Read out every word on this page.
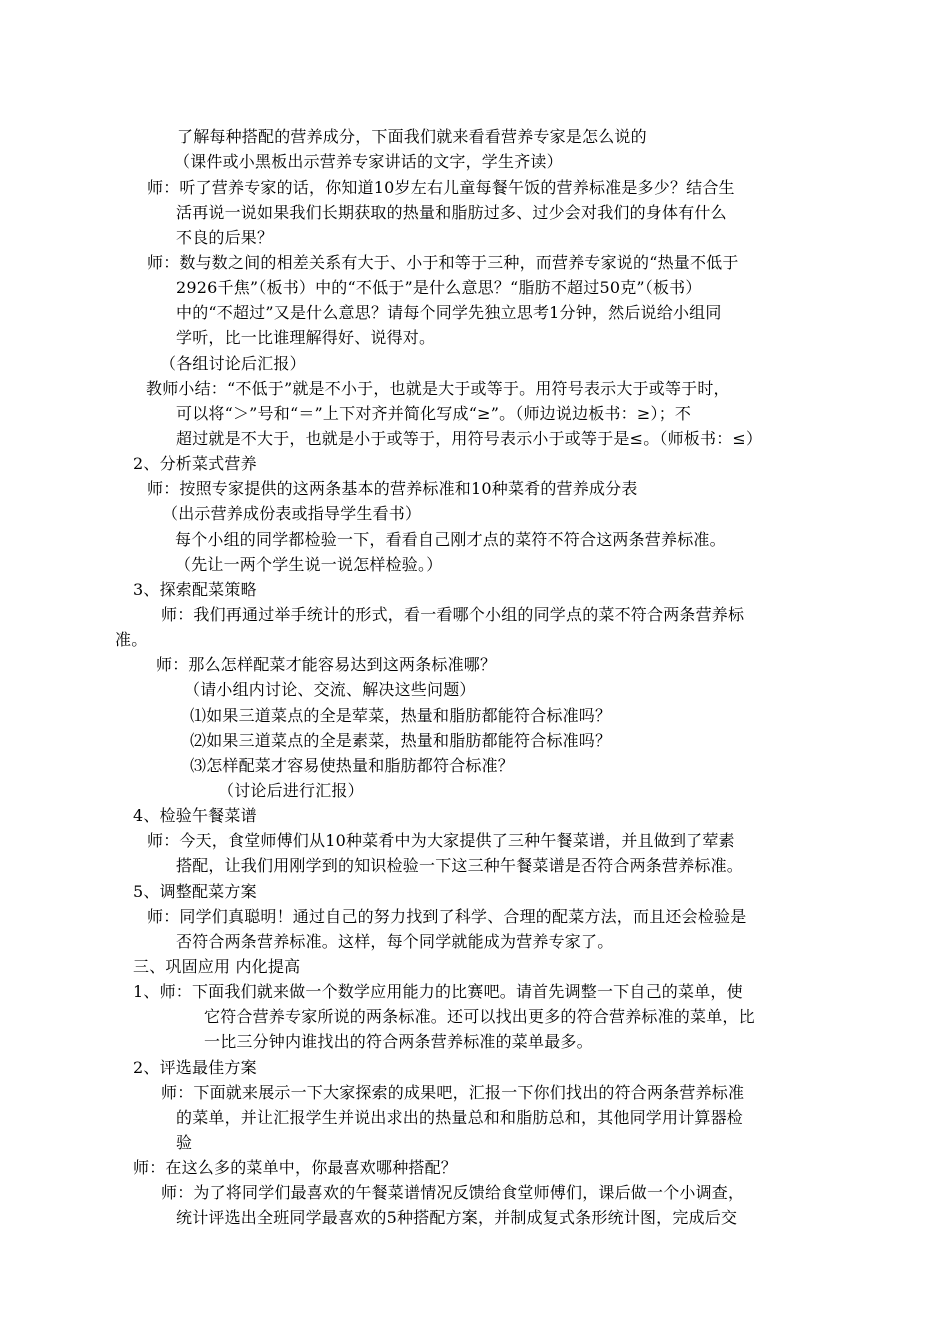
了解每种搭配的营养成分，下面我们就来看看营养专家是怎么说的
（课件或小黑板出示营养专家讲话的文字，学生齐读）
师：听了营养专家的话，你知道10岁左右儿童每餐午饭的营养标准是多少？结合生
活再说一说如果我们长期获取的热量和脂肪过多、过少会对我们的身体有什么
不良的后果？
师：数与数之间的相差关系有大于、小于和等于三种，而营养专家说的“热量不低于
2926千焦”（板书）中的“不低于”是什么意思？“脂肪不超过50克”（板书）
中的“不超过”又是什么意思？请每个同学先独立思考1分钟，然后说给小组同
学听，比一比谁理解得好、说得对。
（各组讨论后汇报）
教师小结：“不低于”就是不小于，也就是大于或等于。用符号表示大于或等于时，
可以将“＞”号和“＝”上下对齐并简化写成“≥”。（师边说边板书：≥）；不
超过就是不大于，也就是小于或等于，用符号表示小于或等于是≤。（师板书：≤）
2、分析菜式营养
师：按照专家提供的这两条基本的营养标准和10种菜肴的营养成分表
（出示营养成份表或指导学生看书）
每个小组的同学都检验一下，看看自己刚才点的菜符不符合这两条营养标准。
（先让一两个学生说一说怎样检验。）
3、探索配菜策略
师：我们再通过举手统计的形式，看一看哪个小组的同学点的菜不符合两条营养标
准。
师：那么怎样配菜才能容易达到这两条标准哪？
（请小组内讨论、交流、解决这些问题）
⑴如果三道菜点的全是荤菜，热量和脂肪都能符合标准吗？
⑵如果三道菜点的全是素菜，热量和脂肪都能符合标准吗？
⑶怎样配菜才容易使热量和脂肪都符合标准？
（讨论后进行汇报）
4、检验午餐菜谱
师：今天，食堂师傅们从10种菜肴中为大家提供了三种午餐菜谱，并且做到了荤素
搭配，让我们用刚学到的知识检验一下这三种午餐菜谱是否符合两条营养标准。
5、调整配菜方案
师：同学们真聪明！通过自己的努力找到了科学、合理的配菜方法，而且还会检验是
否符合两条营养标准。这样，每个同学就能成为营养专家了。
三、巩固应用 内化提高
1、师：下面我们就来做一个数学应用能力的比赛吧。请首先调整一下自己的菜单，使
它符合营养专家所说的两条标准。还可以找出更多的符合营养标准的菜单，比
一比三分钟内谁找出的符合两条营养标准的菜单最多。
2、评选最佳方案
师：下面就来展示一下大家探索的成果吧，汇报一下你们找出的符合两条营养标准
的菜单，并让汇报学生并说出求出的热量总和和脂肪总和，其他同学用计算器检
验
师：在这么多的菜单中，你最喜欢哪种搭配？
师：为了将同学们最喜欢的午餐菜谱情况反馈给食堂师傅们，课后做一个小调查，
统计评选出全班同学最喜欢的5种搭配方案，并制成复式条形统计图，完成后交
